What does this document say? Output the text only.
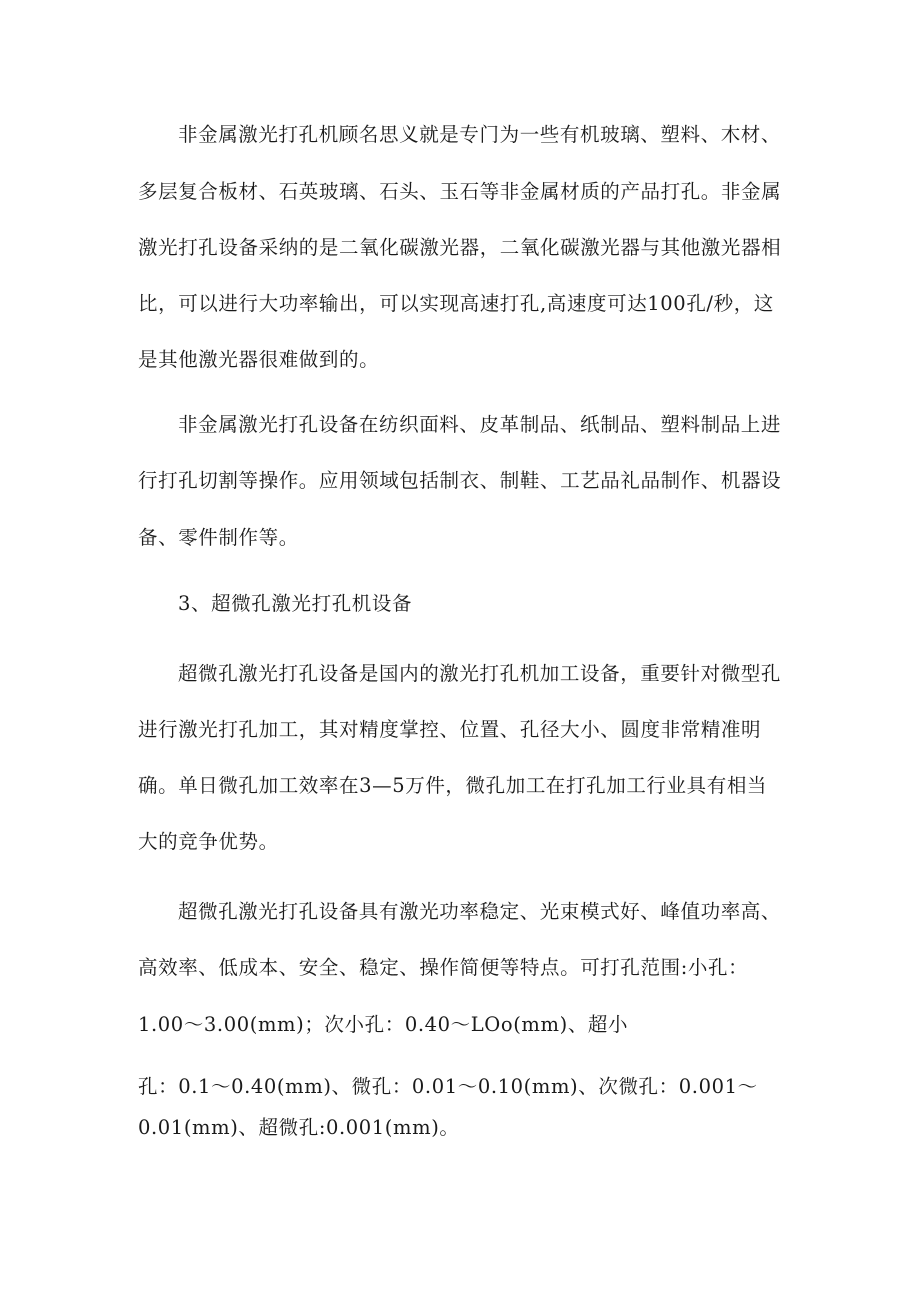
非金属激光打孔机顾名思义就是专门为一些有机玻璃、塑料、木材、
多层复合板材、石英玻璃、石头、玉石等非金属材质的产品打孔。非金属
激光打孔设备采纳的是二氧化碳激光器，二氧化碳激光器与其他激光器相
比，可以进行大功率输出，可以实现高速打孔,高速度可达100孔/秒，这
是其他激光器很难做到的。
非金属激光打孔设备在纺织面料、皮革制品、纸制品、塑料制品上进
行打孔切割等操作。应用领域包括制衣、制鞋、工艺品礼品制作、机器设
备、零件制作等。
3、超微孔激光打孔机设备
超微孔激光打孔设备是国内的激光打孔机加工设备，重要针对微型孔
进行激光打孔加工，其对精度掌控、位置、孔径大小、圆度非常精准明
确。单日微孔加工效率在3—5万件，微孔加工在打孔加工行业具有相当
大的竞争优势。
超微孔激光打孔设备具有激光功率稳定、光束模式好、峰值功率高、
高效率、低成本、安全、稳定、操作简便等特点。可打孔范围:小孔：
1.00～3.00(mm)；次小孔：0.40～LOo(mm)、超小
孔：0.1～0.40(mm)、微孔：0.01～0.10(mm)、次微孔：0.001～
0.01(mm)、超微孔:0.001(mm)。
